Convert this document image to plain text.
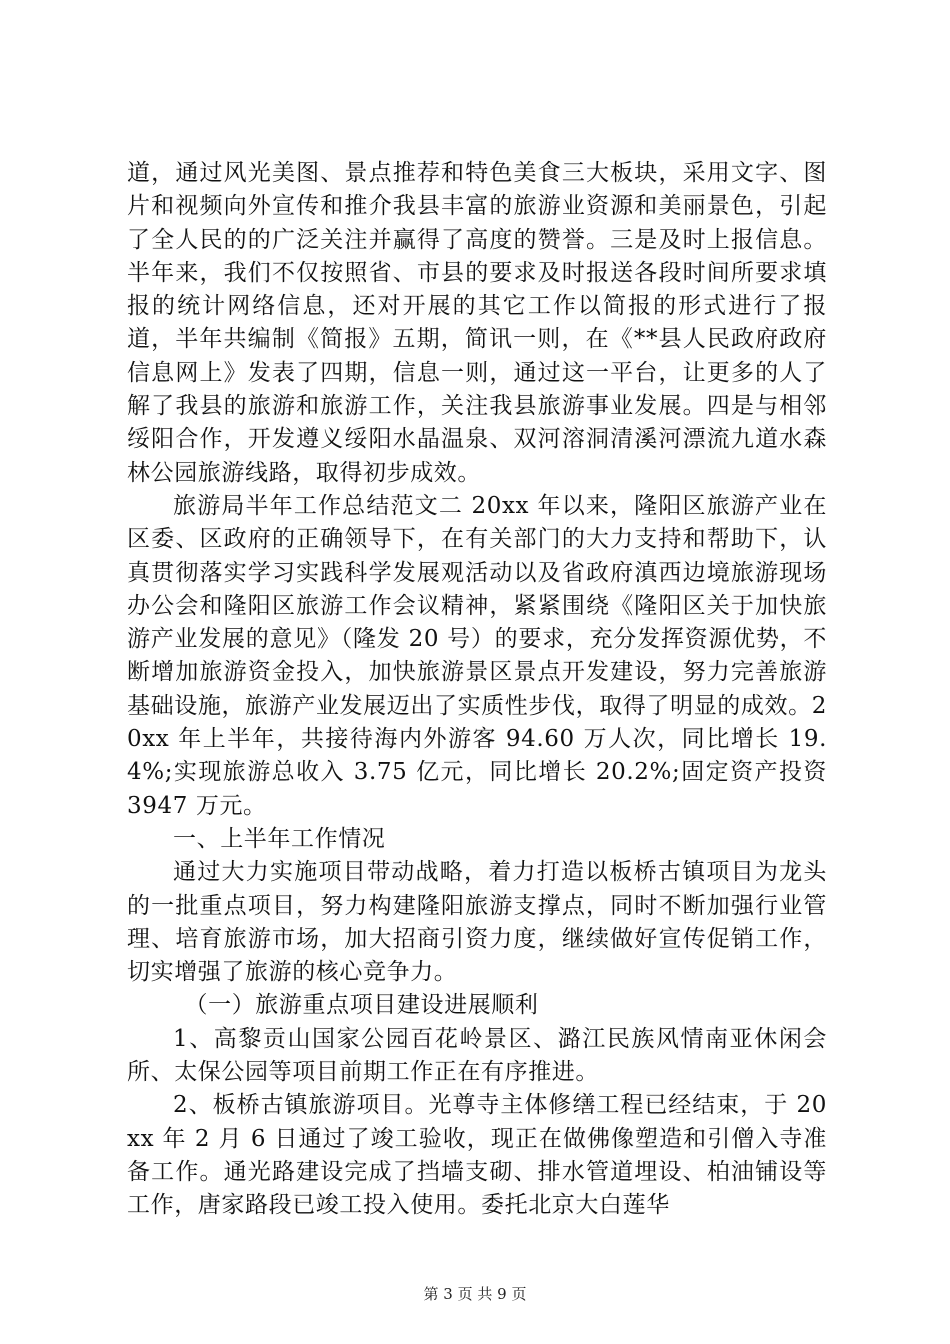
道，通过风光美图、景点推荐和特色美食三大板块，采用文字、图片和视频向外宣传和推介我县丰富的旅游业资源和美丽景色，引起了全人民的的广泛关注并赢得了高度的赞誉。三是及时上报信息。半年来，我们不仅按照省、市县的要求及时报送各段时间所要求填报的统计网络信息，还对开展的其它工作以简报的形式进行了报道，半年共编制《简报》五期，简讯一则，在《**县人民政府政府信息网上》发表了四期，信息一则，通过这一平台，让更多的人了解了我县的旅游和旅游工作，关注我县旅游事业发展。四是与相邻绥阳合作，开发遵义绥阳水晶温泉、双河溶洞清溪河漂流九道水森林公园旅游线路，取得初步成效。

旅游局半年工作总结范文二 20xx 年以来，隆阳区旅游产业在区委、区政府的正确领导下，在有关部门的大力支持和帮助下，认真贯彻落实学习实践科学发展观活动以及省政府滇西边境旅游现场办公会和隆阳区旅游工作会议精神，紧紧围绕《隆阳区关于加快旅游产业发展的意见》（隆发 20 号）的要求，充分发挥资源优势，不断增加旅游资金投入，加快旅游景区景点开发建设，努力完善旅游基础设施，旅游产业发展迈出了实质性步伐，取得了明显的成效。20xx 年上半年，共接待海内外游客 94.60 万人次，同比增长 19.4%;实现旅游总收入 3.75 亿元，同比增长 20.2%;固定资产投资 3947 万元。

一、上半年工作情况

通过大力实施项目带动战略，着力打造以板桥古镇项目为龙头的一批重点项目，努力构建隆阳旅游支撑点，同时不断加强行业管理、培育旅游市场，加大招商引资力度，继续做好宣传促销工作，切实增强了旅游的核心竞争力。

（一）旅游重点项目建设进展顺利

1、高黎贡山国家公园百花岭景区、潞江民族风情南亚休闲会所、太保公园等项目前期工作正在有序推进。

2、板桥古镇旅游项目。光尊寺主体修缮工程已经结束，于 20xx 年 2 月 6 日通过了竣工验收，现正在做佛像塑造和引僧入寺准备工作。通光路建设完成了挡墙支砌、排水管道埋设、柏油铺设等工作，唐家路段已竣工投入使用。委托北京大白莲华

第 3 页 共 9 页
